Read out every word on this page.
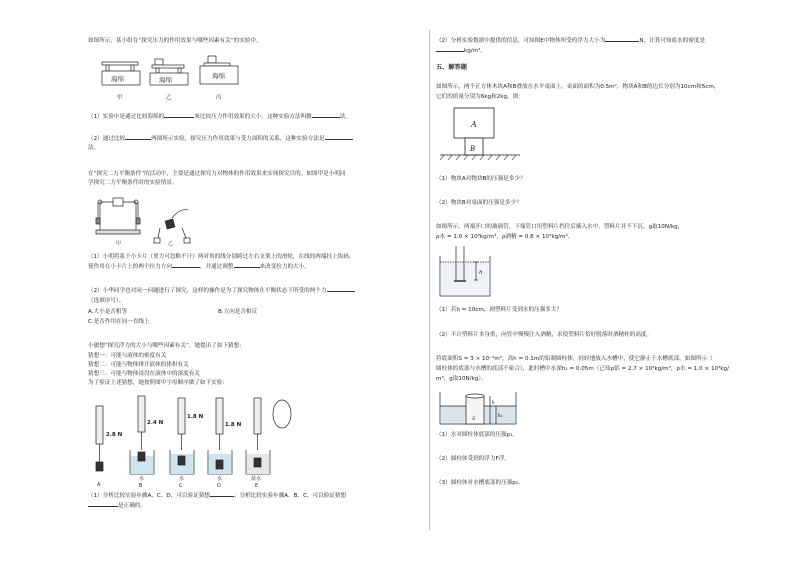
如图所示，某小组在“探究压力的作用效果与哪些因素有关”的实验中。
海绵	海绵	海绵
甲	乙	丙
（1）实验中是通过比较海绵的	来比较压力作用效果的大小，这种实验方法叫做	法。
（2）通过比较	两图所示实验，探究压力作用效果与受力面积的关系，这种实验方法是
法。
在“探究二力平衡条件”的活动中，主要是通过探究力对物体的作用效果来实现探究目的。如图甲是小明同
学探究二力平衡条件时的实验情景。
甲	乙
（1）小明将系于小卡片（重力可忽略不计）两对角的线分别跨过左右支架上的滑轮，在线的两端挂上钩码，
使作用在小卡片上的两个拉力方向	，并通过调整	来改变拉力的大小。
（2）小华同学也对同一问题进行了探究，这样的操作是为了探究物体在平衡状态下所受的两个力
（选填序号）。
A.大小是否相等	B.方向是否相反
C.是否作用在同一直线上
小敏想“探究浮力的大小与哪些因素有关”，她提出了如下猜想：
猜想一：可能与液体的密度有关
猜想二：可能与物体排开液体的体积有关
猜想三：可能与物体浸没在液体中的深度有关
为了验证上述猜想，她按照图中字母顺序做了如下实验：
2.8 N
2.4 N
1.8 N
1.8 N
水	水	水	盐水
A	B	C	D	E
（1）分析比较实验步骤A、C、D，可以验证猜想	；分析比较实验步骤A、B、C，可以验证猜想
是正确的。
（2）分析实验数据中提供的信息，可知图E中物体所受的浮力大小为	N，计算可知盐水的密度是
kg/m³。
五、解答题
如图所示，两个正方体木块A和B叠放在水平桌面上，桌面的面积为0.5m²，物块A和B的边长分别为10cm和5cm，
它们的质量分别为6kg和2kg，则：
A
B
（1）物块A对物块B的压强是多少？
（2）物块B对桌面的压强是多少？
如图所示，两端开口的玻璃管，下端管口用塑料片挡住后插入水中，塑料片并不下沉，g取10N/kg，
ρ水 = 1.0 × 10³kg/m³，ρ酒精 = 0.8 × 10³kg/m³。
h
（1）若h = 10cm，则塑料片受到水的压强多大？
（2）不计塑料片本身重，向管中慢慢注入酒精，求使塑料片恰好脱落时酒精柱的高度。
将底面积S = 3 × 10⁻³m²，高h = 0.1m的铝制圆柱体，轻轻地放入水槽中，使它静止于水槽底部，如图所示（
圆柱体的底部与水槽的底部不密合），此时槽中水深h₁ = 0.05m（已知ρ铝 = 2.7 × 10³kg/m³，ρ水 = 1.0 × 10³kg/
m³，g取10N/kg）。
h
h₁
S
（1）水对圆柱体底部的压强p₁。
（2）圆柱体受到的浮力F浮。
（3）圆柱体对水槽底部的压强p₂。
